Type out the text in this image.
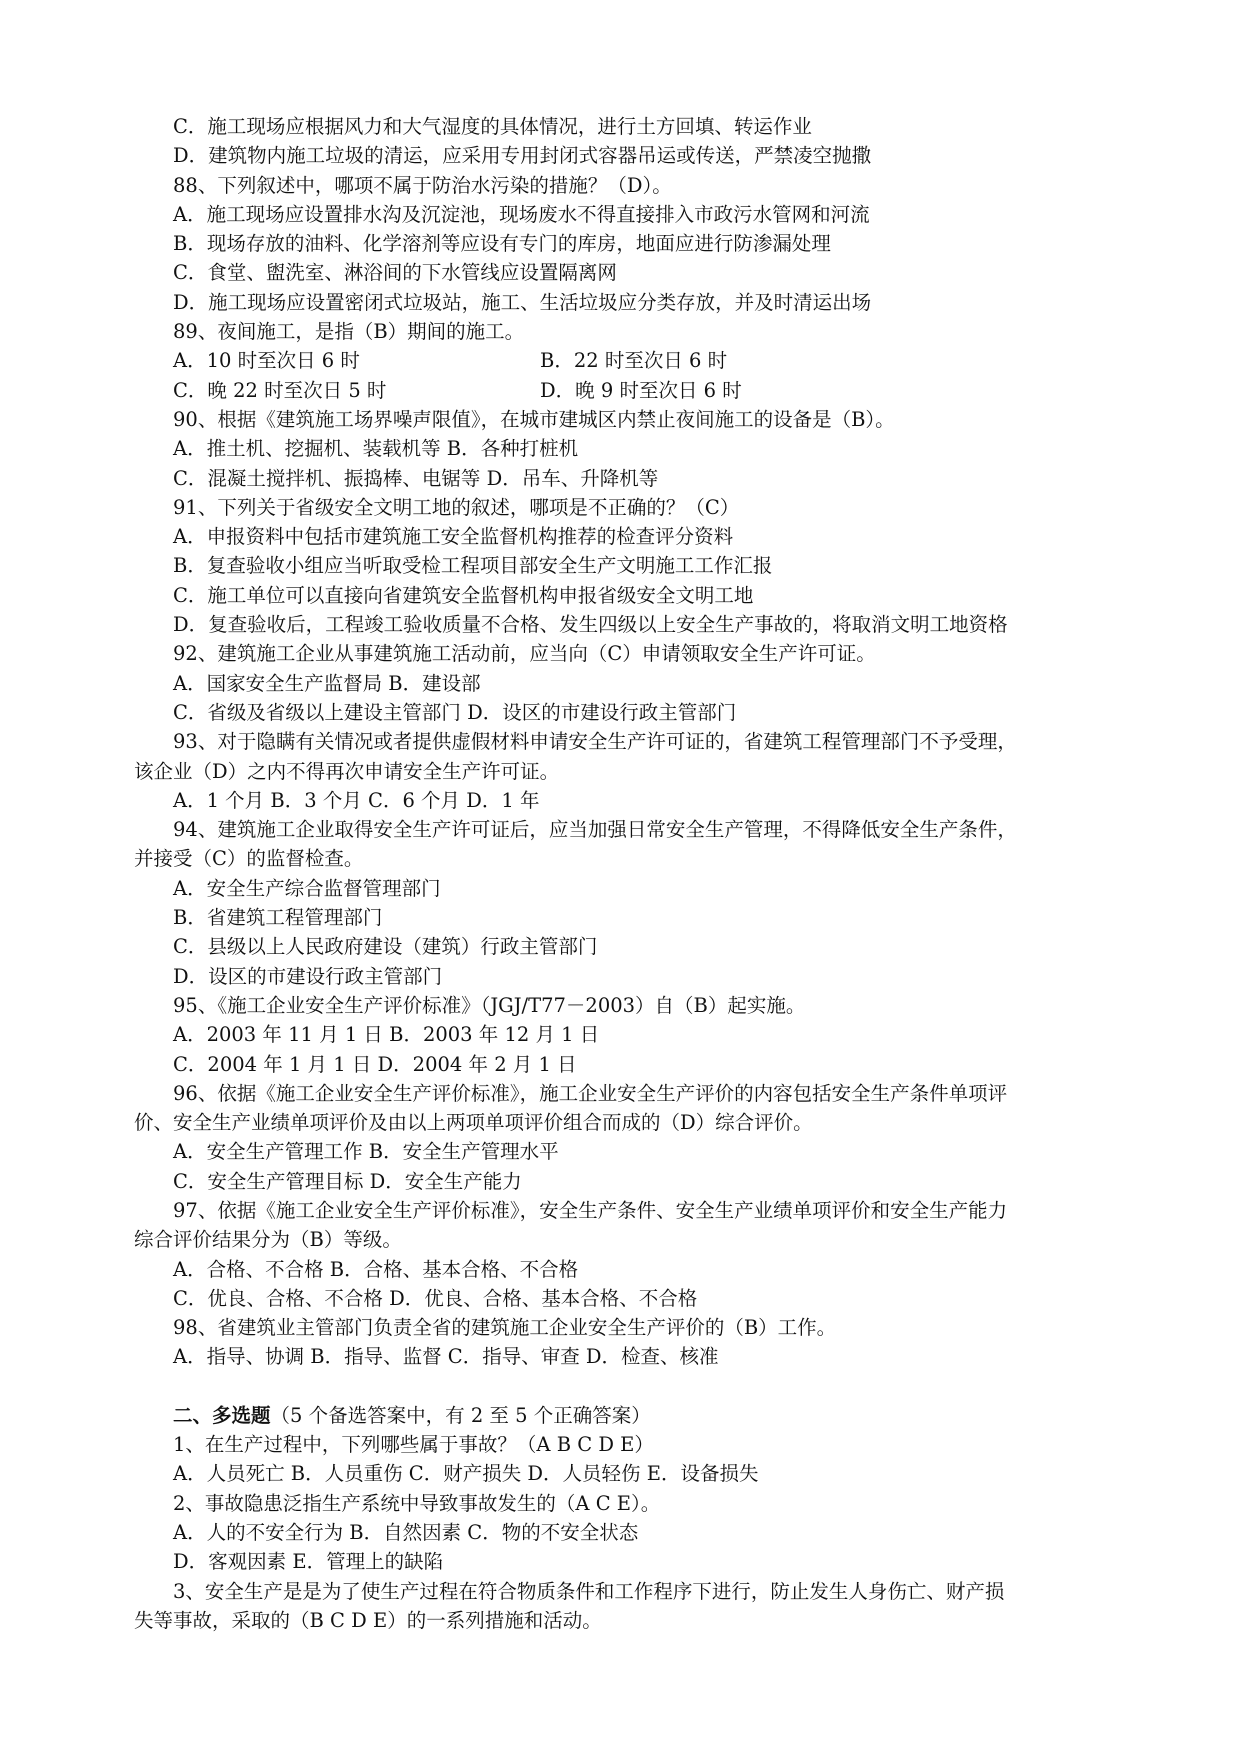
C．施工现场应根据风力和大气湿度的具体情况，进行土方回填、转运作业
D．建筑物内施工垃圾的清运，应采用专用封闭式容器吊运或传送，严禁凌空抛撒
88、下列叙述中，哪项不属于防治水污染的措施？（D）。
A．施工现场应设置排水沟及沉淀池，现场废水不得直接排入市政污水管网和河流
B．现场存放的油料、化学溶剂等应设有专门的库房，地面应进行防渗漏处理
C．食堂、盥洗室、淋浴间的下水管线应设置隔离网
D．施工现场应设置密闭式垃圾站，施工、生活垃圾应分类存放，并及时清运出场
89、夜间施工，是指（B）期间的施工。
A．10 时至次日 6 时	B．22 时至次日 6 时
C．晚 22 时至次日 5 时	D．晚 9 时至次日 6 时
90、根据《建筑施工场界噪声限值》，在城市建城区内禁止夜间施工的设备是（B）。
A．推土机、挖掘机、装载机等 B．各种打桩机
C．混凝土搅拌机、振捣棒、电锯等 D．吊车、升降机等
91、下列关于省级安全文明工地的叙述，哪项是不正确的？（C）
A．申报资料中包括市建筑施工安全监督机构推荐的检查评分资料
B．复查验收小组应当听取受检工程项目部安全生产文明施工工作汇报
C．施工单位可以直接向省建筑安全监督机构申报省级安全文明工地
D．复查验收后，工程竣工验收质量不合格、发生四级以上安全生产事故的，将取消文明工地资格
92、建筑施工企业从事建筑施工活动前，应当向（C）申请领取安全生产许可证。
A．国家安全生产监督局 B．建设部
C．省级及省级以上建设主管部门 D．设区的市建设行政主管部门
93、对于隐瞒有关情况或者提供虚假材料申请安全生产许可证的，省建筑工程管理部门不予受理，
该企业（D）之内不得再次申请安全生产许可证。
A．1 个月 B．3 个月 C．6 个月 D．1 年
94、建筑施工企业取得安全生产许可证后，应当加强日常安全生产管理，不得降低安全生产条件，
并接受（C）的监督检查。
A．安全生产综合监督管理部门
B．省建筑工程管理部门
C．县级以上人民政府建设（建筑）行政主管部门
D．设区的市建设行政主管部门
95、《施工企业安全生产评价标准》（JGJ/T77－2003）自（B）起实施。
A．2003 年 11 月 1 日 B．2003 年 12 月 1 日
C．2004 年 1 月 1 日 D．2004 年 2 月 1 日
96、依据《施工企业安全生产评价标准》，施工企业安全生产评价的内容包括安全生产条件单项评
价、安全生产业绩单项评价及由以上两项单项评价组合而成的（D）综合评价。
A．安全生产管理工作 B．安全生产管理水平
C．安全生产管理目标 D．安全生产能力
97、依据《施工企业安全生产评价标准》，安全生产条件、安全生产业绩单项评价和安全生产能力
综合评价结果分为（B）等级。
A．合格、不合格 B．合格、基本合格、不合格
C．优良、合格、不合格 D．优良、合格、基本合格、不合格
98、省建筑业主管部门负责全省的建筑施工企业安全生产评价的（B）工作。
A．指导、协调 B．指导、监督 C．指导、审查 D．检查、核准
二、多选题（5 个备选答案中，有 2 至 5 个正确答案）
1、在生产过程中，下列哪些属于事故？（A B C D E）
A．人员死亡 B．人员重伤 C．财产损失 D．人员轻伤 E．设备损失
2、事故隐患泛指生产系统中导致事故发生的（A C E）。
A．人的不安全行为 B．自然因素 C．物的不安全状态
D．客观因素 E．管理上的缺陷
3、安全生产是是为了使生产过程在符合物质条件和工作程序下进行，防止发生人身伤亡、财产损
失等事故，采取的（B C D E）的一系列措施和活动。
